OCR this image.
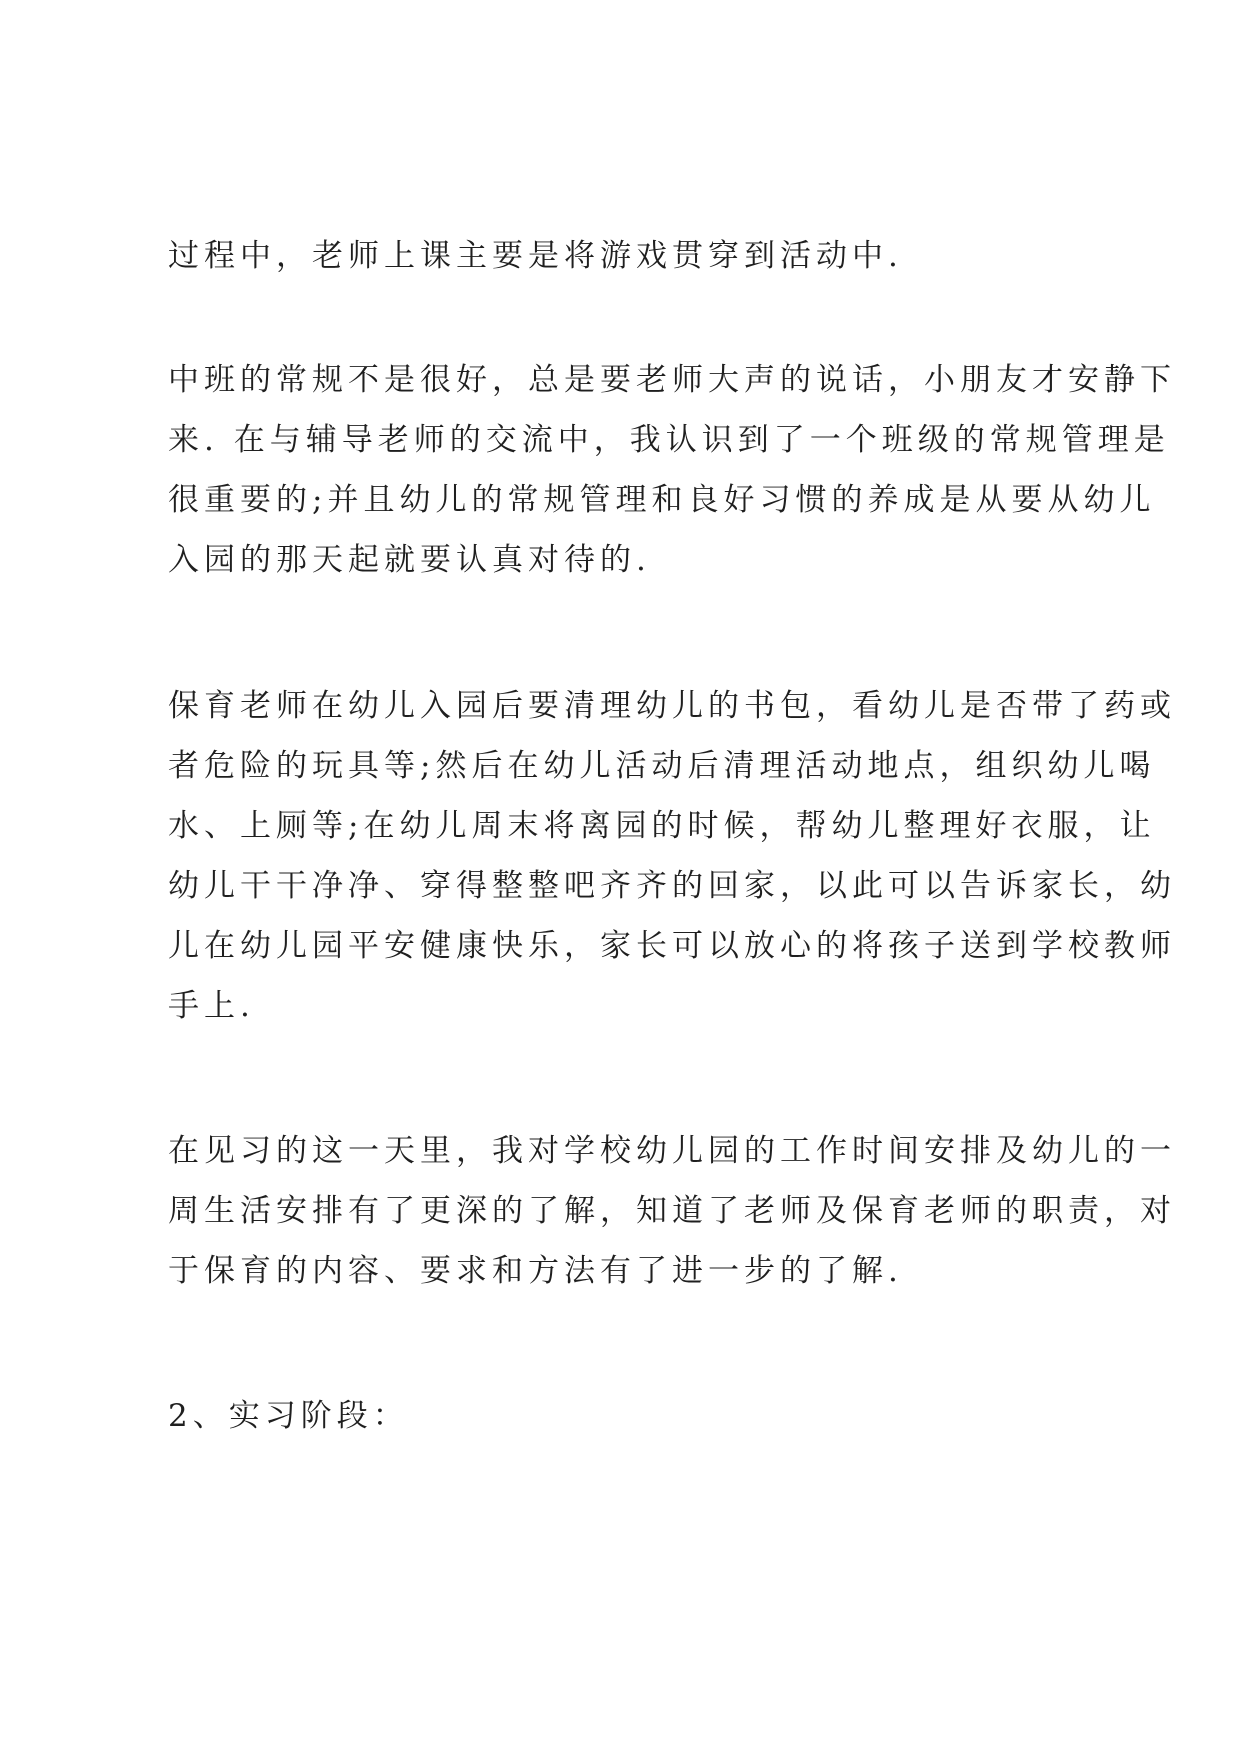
过程中，老师上课主要是将游戏贯穿到活动中.
中班的常规不是很好，总是要老师大声的说话，小朋友才安静下
来. 在与辅导老师的交流中，我认识到了一个班级的常规管理是
很重要的;并且幼儿的常规管理和良好习惯的养成是从要从幼儿
入园的那天起就要认真对待的.
保育老师在幼儿入园后要清理幼儿的书包，看幼儿是否带了药或
者危险的玩具等;然后在幼儿活动后清理活动地点，组织幼儿喝
水、上厕等;在幼儿周末将离园的时候，帮幼儿整理好衣服，让
幼儿干干净净、穿得整整吧齐齐的回家，以此可以告诉家长，幼
儿在幼儿园平安健康快乐，家长可以放心的将孩子送到学校教师
手上.
在见习的这一天里，我对学校幼儿园的工作时间安排及幼儿的一
周生活安排有了更深的了解，知道了老师及保育老师的职责，对
于保育的内容、要求和方法有了进一步的了解.
2、实习阶段：
